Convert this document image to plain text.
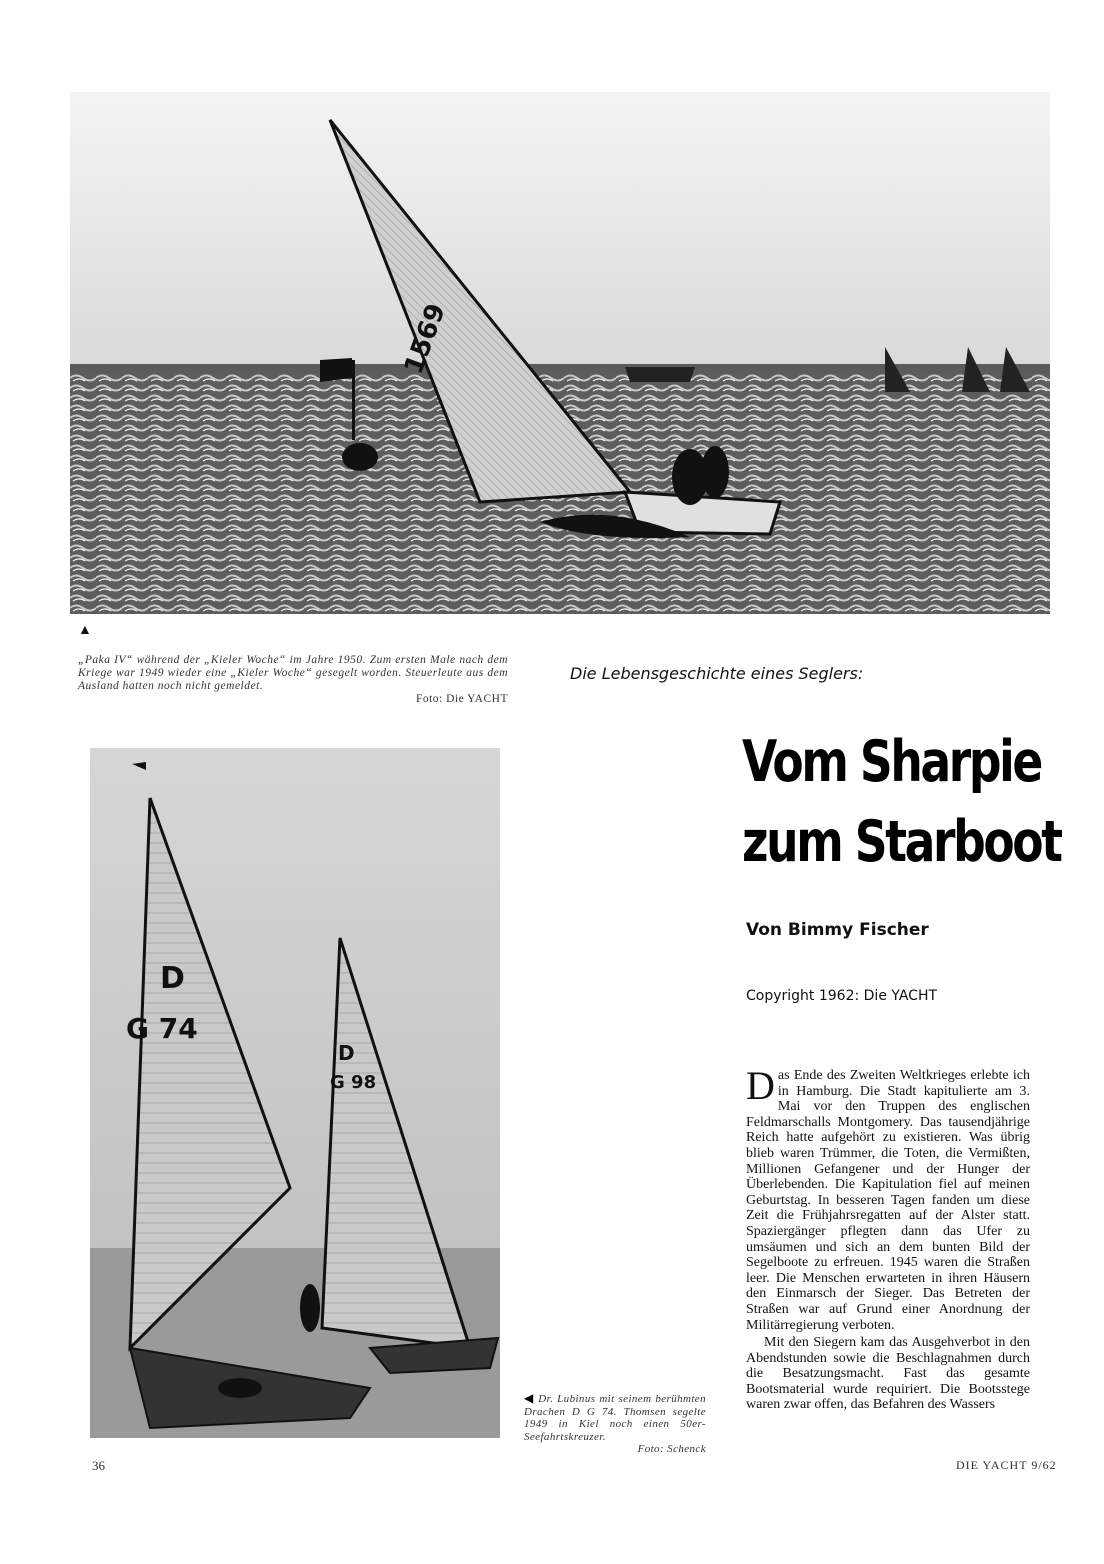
1569
▲
„Paka IV“ während der „Kieler Woche“ im Jahre 1950. Zum ersten Male nach dem Kriege war 1949 wieder eine „Kieler Woche“ gesegelt worden. Steuerleute aus dem Ausland hatten noch nicht gemeldet.
Foto: Die YACHT
Die Lebensgeschichte eines Seglers:
D
G 74
D
G 98
Vom Sharpie
zum Starboot
Von Bimmy Fischer
Copyright 1962: Die YACHT

Das Ende des Zweiten Weltkrieges erlebte ich in Hamburg. Die Stadt kapitulierte am 3. Mai vor den Truppen des englischen Feldmarschalls Montgomery. Das tausendjährige Reich hatte aufgehört zu existieren. Was übrig blieb waren Trümmer, die Toten, die Vermißten, Millionen Gefangener und der Hunger der Überlebenden. Die Kapitulation fiel auf meinen Geburtstag. In besseren Tagen fanden um diese Zeit die Frühjahrsregatten auf der Alster statt. Spaziergänger pflegten dann das Ufer zu umsäumen und sich an dem bunten Bild der Segelboote zu erfreuen. 1945 waren die Straßen leer. Die Menschen erwarteten in ihren Häusern den Einmarsch der Sieger. Das Betreten der Straßen war auf Grund einer Anordnung der Militärregierung verboten.

Mit den Siegern kam das Ausgehverbot in den Abendstunden sowie die Beschlagnahmen durch die Besatzungsmacht. Fast das gesamte Bootsmaterial wurde requiriert. Die Bootsstege waren zwar offen, das Befahren des Wassers

◀ Dr. Lubinus mit seinem berühmten Drachen D G 74. Thomsen segelte 1949 in Kiel noch einen 50er-Seefahrtskreuzer.
Foto: Schenck
36	DIE YACHT 9/62
